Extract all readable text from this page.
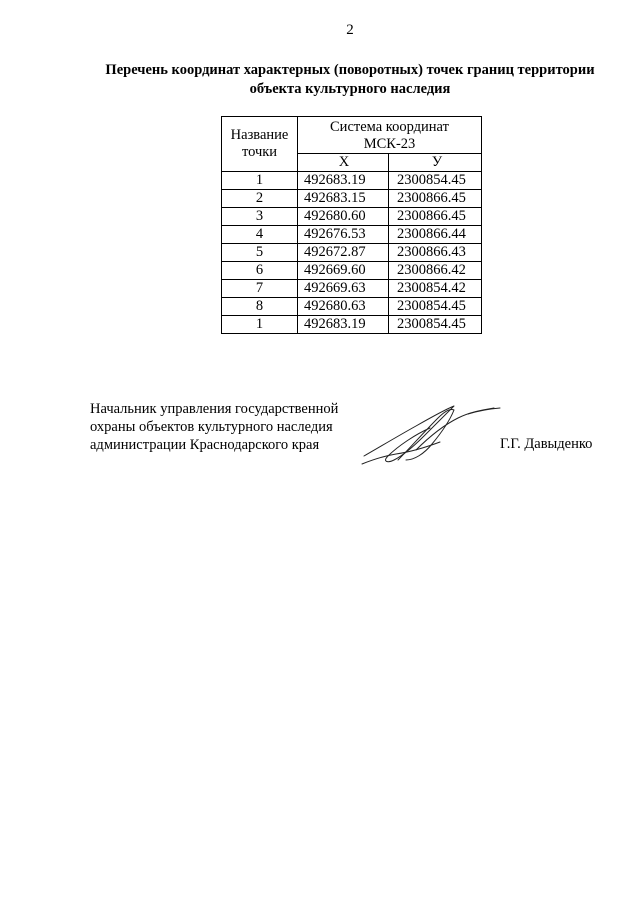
2
Перечень координат характерных (поворотных) точек границ территории
объекта культурного наследия
Название
точки	Система координат
МСК-23	
	X	У
1	492683.19	2300854.45
2	492683.15	2300866.45
3	492680.60	2300866.45
4	492676.53	2300866.44
5	492672.87	2300866.43
6	492669.60	2300866.42
7	492669.63	2300854.42
8	492680.63	2300854.45
1	492683.19	2300854.45
Начальник управления государственной
охраны объектов культурного наследия
администрации Краснодарского края	Г.Г. Давыденко
